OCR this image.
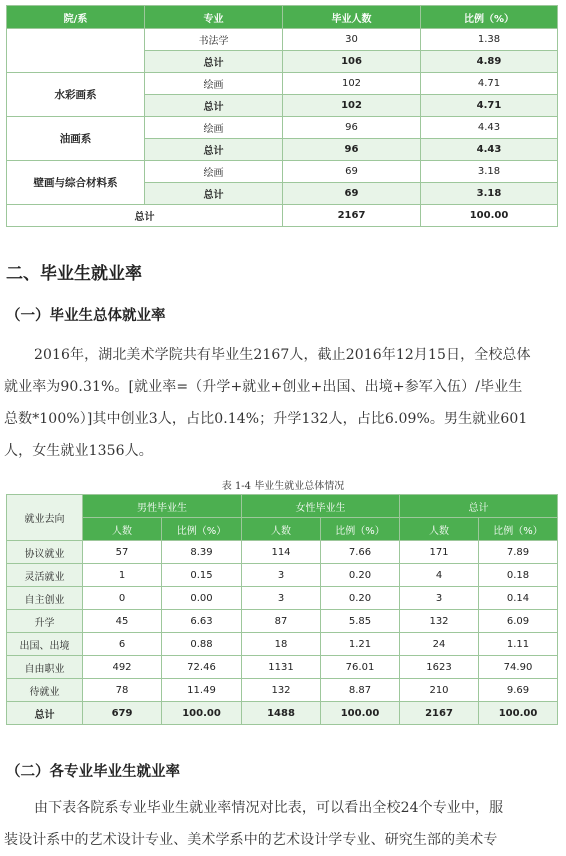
院/系	专业	毕业人数	比例（%）
	书法学	30	1.38
	总计	106	4.89
水彩画系	绘画	102	4.71
	总计	102	4.71
油画系	绘画	96	4.43
	总计	96	4.43
壁画与综合材料系	绘画	69	3.18
	总计	69	3.18
总计		2167	100.00
二、毕业生就业率
（一）毕业生总体就业率
2016年，湖北美术学院共有毕业生2167人，截止2016年12月15日，全校总体
就业率为90.31%。[就业率=（升学+就业+创业+出国、出境+参军入伍）/毕业生
总数*100%）]其中创业3人，占比0.14%；升学132人，占比6.09%。男生就业601
人，女生就业1356人。
表 1-4 毕业生就业总体情况
就业去向	男性毕业生		女性毕业生		总计	
	人数	比例（%）	人数	比例（%）	人数	比例（%）
协议就业	57	8.39	114	7.66	171	7.89
灵活就业	1	0.15	3	0.20	4	0.18
自主创业	0	0.00	3	0.20	3	0.14
升学	45	6.63	87	5.85	132	6.09
出国、出境	6	0.88	18	1.21	24	1.11
自由职业	492	72.46	1131	76.01	1623	74.90
待就业	78	11.49	132	8.87	210	9.69
总计	679	100.00	1488	100.00	2167	100.00
（二）各专业毕业生就业率
由下表各院系专业毕业生就业率情况对比表，可以看出全校24个专业中，服
装设计系中的艺术设计专业、美术学系中的艺术设计学专业、研究生部的美术专
